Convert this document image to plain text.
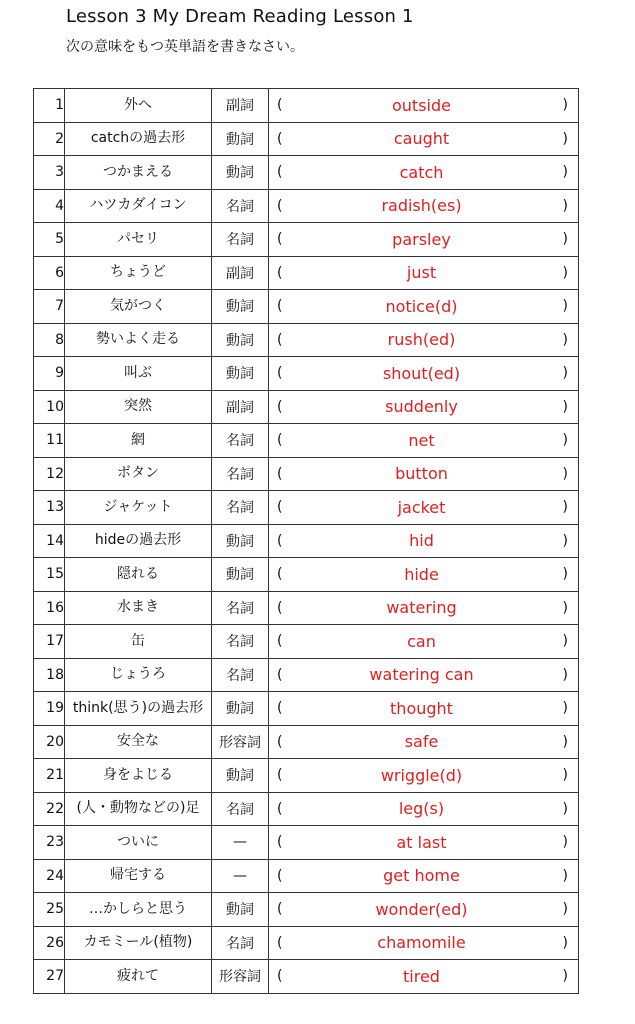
Lesson 3 My Dream Reading Lesson 1
次の意味をもつ英単語を書きなさい。
1	外へ	副詞	( outside )

2	catchの過去形	動詞	( caught )

3	つかまえる	動詞	( catch )

4	ハツカダイコン	名詞	( radish(es) )

5	パセリ	名詞	( parsley )

6	ちょうど	副詞	( just )

7	気がつく	動詞	( notice(d) )

8	勢いよく走る	動詞	( rush(ed) )

9	叫ぶ	動詞	( shout(ed) )

10	突然	副詞	( suddenly )

11	網	名詞	( net )

12	ボタン	名詞	( button )

13	ジャケット	名詞	( jacket )

14	hideの過去形	動詞	( hid )

15	隠れる	動詞	( hide )

16	水まき	名詞	( watering )

17	缶	名詞	( can )

18	じょうろ	名詞	( watering can )

19	think(思う)の過去形	動詞	( thought )

20	安全な	形容詞	( safe )

21	身をよじる	動詞	( wriggle(d) )

22	(人・動物などの)足	名詞	( leg(s) )

23	ついに	—	( at last )

24	帰宅する	—	( get home )

25	…かしらと思う	動詞	( wonder(ed) )

26	カモミール(植物)	名詞	( chamomile )

27	疲れて	形容詞	( tired )
